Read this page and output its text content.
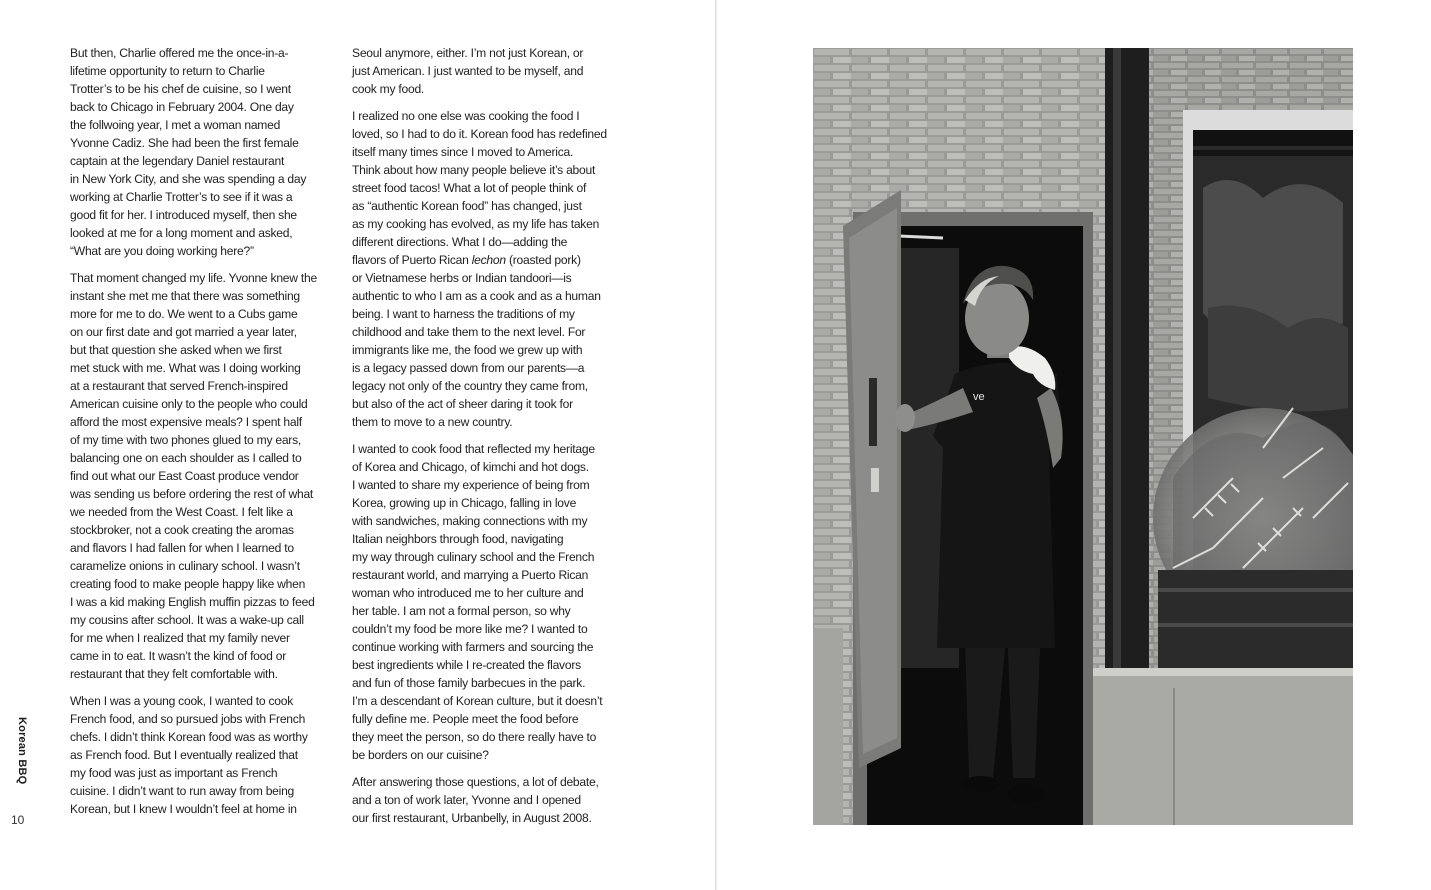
But then, Charlie offered me the once-in-a-
lifetime opportunity to return to Charlie
Trotter’s to be his chef de cuisine, so I went
back to Chicago in February 2004. One day
the follwoing year, I met a woman named
Yvonne Cadiz. She had been the first female
captain at the legendary Daniel restaurant
in New York City, and she was spending a day
working at Charlie Trotter’s to see if it was a
good fit for her. I introduced myself, then she
looked at me for a long moment and asked,
“What are you doing working here?”

That moment changed my life. Yvonne knew the
instant she met me that there was something
more for me to do. We went to a Cubs game
on our first date and got married a year later,
but that question she asked when we first
met stuck with me. What was I doing working
at a restaurant that served French-inspired
American cuisine only to the people who could
afford the most expensive meals? I spent half
of my time with two phones glued to my ears,
balancing one on each shoulder as I called to
find out what our East Coast produce vendor
was sending us before ordering the rest of what
we needed from the West Coast. I felt like a
stockbroker, not a cook creating the aromas
and flavors I had fallen for when I learned to
caramelize onions in culinary school. I wasn’t
creating food to make people happy like when
I was a kid making English muffin pizzas to feed
my cousins after school. It was a wake-up call
for me when I realized that my family never
came in to eat. It wasn’t the kind of food or
restaurant that they felt comfortable with.

When I was a young cook, I wanted to cook
French food, and so pursued jobs with French
chefs. I didn’t think Korean food was as worthy
as French food. But I eventually realized that
my food was just as important as French
cuisine. I didn’t want to run away from being
Korean, but I knew I wouldn’t feel at home in

Seoul anymore, either. I’m not just Korean, or
just American. I just wanted to be myself, and
cook my food.

I realized no one else was cooking the food I
loved, so I had to do it. Korean food has redefined
itself many times since I moved to America.
Think about how many people believe it’s about
street food tacos! What a lot of people think of
as “authentic Korean food” has changed, just
as my cooking has evolved, as my life has taken
different directions. What I do—adding the
flavors of Puerto Rican lechon (roasted pork)
or Vietnamese herbs or Indian tandoori—is
authentic to who I am as a cook and as a human
being. I want to harness the traditions of my
childhood and take them to the next level. For
immigrants like me, the food we grew up with
is a legacy passed down from our parents—a
legacy not only of the country they came from,
but also of the act of sheer daring it took for
them to move to a new country.

I wanted to cook food that reflected my heritage
of Korea and Chicago, of kimchi and hot dogs.
I wanted to share my experience of being from
Korea, growing up in Chicago, falling in love
with sandwiches, making connections with my
Italian neighbors through food, navigating
my way through culinary school and the French
restaurant world, and marrying a Puerto Rican
woman who introduced me to her culture and
her table. I am not a formal person, so why
couldn’t my food be more like me? I wanted to
continue working with farmers and sourcing the
best ingredients while I re-created the flavors
and fun of those family barbecues in the park.
I’m a descendant of Korean culture, but it doesn’t
fully define me. People meet the food before
they meet the person, so do there really have to
be borders on our cuisine?

After answering those questions, a lot of debate,
and a ton of work later, Yvonne and I opened
our first restaurant, Urbanbelly, in August 2008.

Korean BBQ
10
ve
